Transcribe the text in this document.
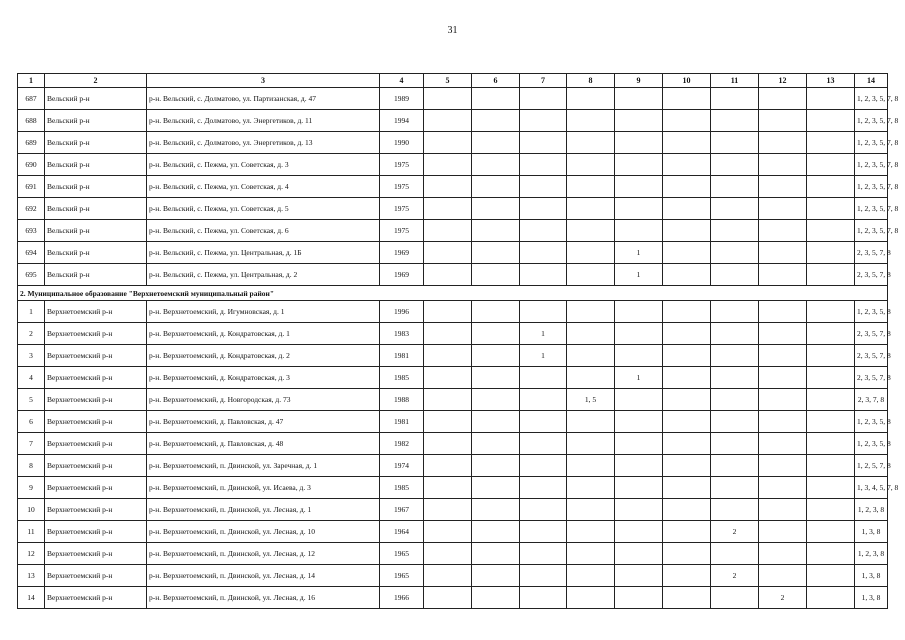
31
1	2	3	4	5	6	7	8	9	10	11	12	13	14
687	Вельский р-н	р-н. Вельский, с. Долматово, ул. Партизанская, д. 47	1989										1, 2, 3, 5, 7, 8
688	Вельский р-н	р-н. Вельский, с. Долматово, ул. Энергетиков, д. 11	1994										1, 2, 3, 5, 7, 8
689	Вельский р-н	р-н. Вельский, с. Долматово, ул. Энергетиков, д. 13	1990										1, 2, 3, 5, 7, 8
690	Вельский р-н	р-н. Вельский, с. Пежма, ул. Советская, д. 3	1975										1, 2, 3, 5, 7, 8
691	Вельский р-н	р-н. Вельский, с. Пежма, ул. Советская, д. 4	1975										1, 2, 3, 5, 7, 8
692	Вельский р-н	р-н. Вельский, с. Пежма, ул. Советская, д. 5	1975										1, 2, 3, 5, 7, 8
693	Вельский р-н	р-н. Вельский, с. Пежма, ул. Советская, д. 6	1975										1, 2, 3, 5, 7, 8
694	Вельский р-н	р-н. Вельский, с. Пежма, ул. Центральная, д. 1Б	1969					1					2, 3, 5, 7, 8
695	Вельский р-н	р-н. Вельский, с. Пежма, ул. Центральная, д. 2	1969					1					2, 3, 5, 7, 8
2. Муниципальное образование "Верхнетоемский муниципальный район"													
1	Верхнетоемский р-н	р-н. Верхнетоемский, д. Игумновская, д. 1	1996										1, 2, 3, 5, 8
2	Верхнетоемский р-н	р-н. Верхнетоемский, д. Кондратовская, д. 1	1983			1							2, 3, 5, 7, 8
3	Верхнетоемский р-н	р-н. Верхнетоемский, д. Кондратовская, д. 2	1981			1							2, 3, 5, 7, 8
4	Верхнетоемский р-н	р-н. Верхнетоемский, д. Кондратовская, д. 3	1985					1					2, 3, 5, 7, 8
5	Верхнетоемский р-н	р-н. Верхнетоемский, д. Новгородская, д. 73	1988				1, 5						2, 3, 7, 8
6	Верхнетоемский р-н	р-н. Верхнетоемский, д. Павловская, д. 47	1981										1, 2, 3, 5, 8
7	Верхнетоемский р-н	р-н. Верхнетоемский, д. Павловская, д. 48	1982										1, 2, 3, 5, 8
8	Верхнетоемский р-н	р-н. Верхнетоемский, п. Двинской, ул. Заречная, д. 1	1974										1, 2, 5, 7, 8
9	Верхнетоемский р-н	р-н. Верхнетоемский, п. Двинской, ул. Исаева, д. 3	1985										1, 3, 4, 5, 7, 8
10	Верхнетоемский р-н	р-н. Верхнетоемский, п. Двинской, ул. Лесная, д. 1	1967										1, 2, 3, 8
11	Верхнетоемский р-н	р-н. Верхнетоемский, п. Двинской, ул. Лесная, д. 10	1964							2			1, 3, 8
12	Верхнетоемский р-н	р-н. Верхнетоемский, п. Двинской, ул. Лесная, д. 12	1965										1, 2, 3, 8
13	Верхнетоемский р-н	р-н. Верхнетоемский, п. Двинской, ул. Лесная, д. 14	1965							2			1, 3, 8
14	Верхнетоемский р-н	р-н. Верхнетоемский, п. Двинской, ул. Лесная, д. 16	1966								2		1, 3, 8
